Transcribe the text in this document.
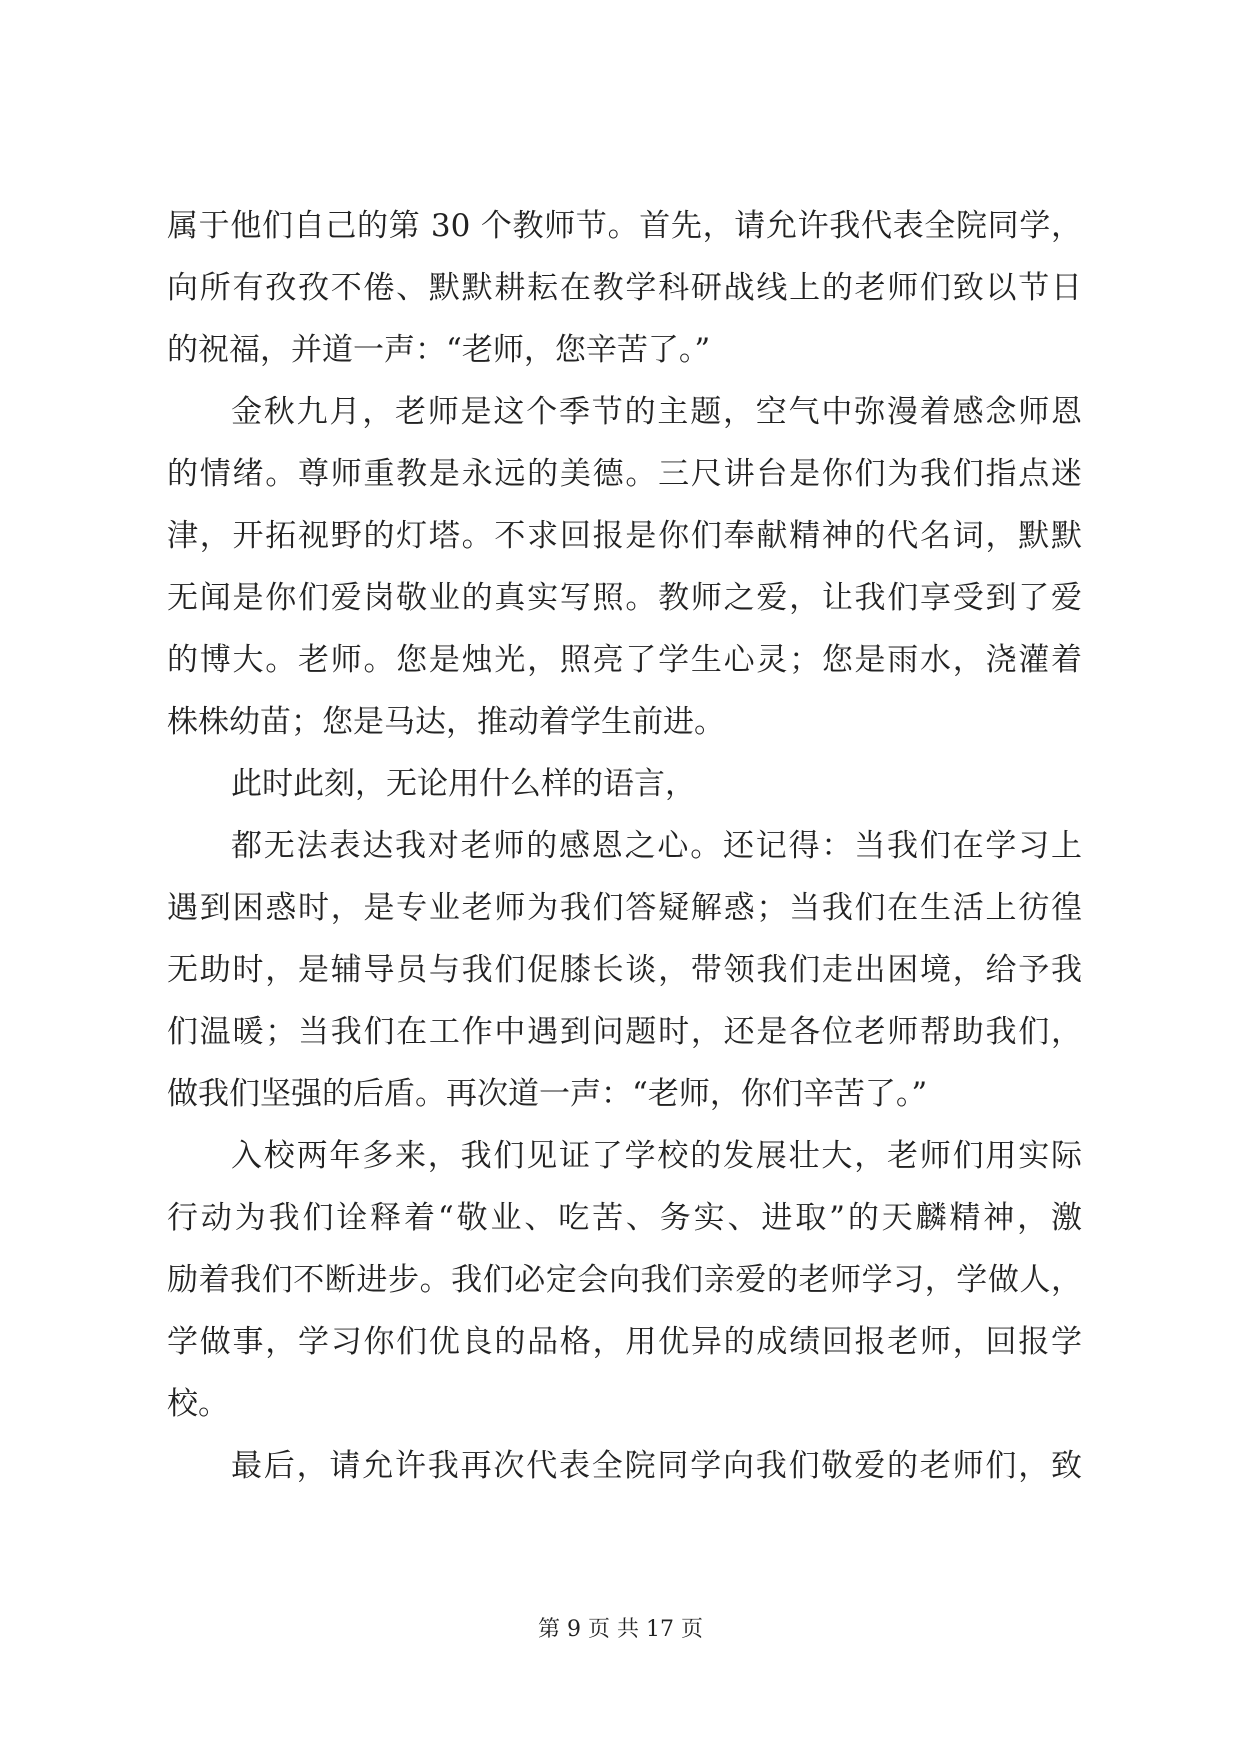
属于他们自己的第 30 个教师节。首先，请允许我代表全院同学，
向所有孜孜不倦、默默耕耘在教学科研战线上的老师们致以节日
的祝福，并道一声：“老师，您辛苦了。”
金秋九月，老师是这个季节的主题，空气中弥漫着感念师恩
的情绪。尊师重教是永远的美德。三尺讲台是你们为我们指点迷
津，开拓视野的灯塔。不求回报是你们奉献精神的代名词，默默
无闻是你们爱岗敬业的真实写照。教师之爱，让我们享受到了爱
的博大。老师。您是烛光，照亮了学生心灵；您是雨水，浇灌着
株株幼苗；您是马达，推动着学生前进。
此时此刻，无论用什么样的语言，
都无法表达我对老师的感恩之心。还记得：当我们在学习上
遇到困惑时，是专业老师为我们答疑解惑；当我们在生活上彷徨
无助时，是辅导员与我们促膝长谈，带领我们走出困境，给予我
们温暖；当我们在工作中遇到问题时，还是各位老师帮助我们，
做我们坚强的后盾。再次道一声：“老师，你们辛苦了。”
入校两年多来，我们见证了学校的发展壮大，老师们用实际
行动为我们诠释着“敬业、吃苦、务实、进取”的天麟精神，激
励着我们不断进步。我们必定会向我们亲爱的老师学习，学做人，
学做事，学习你们优良的品格，用优异的成绩回报老师，回报学
校。
最后，请允许我再次代表全院同学向我们敬爱的老师们，致
第 9 页 共 17 页
